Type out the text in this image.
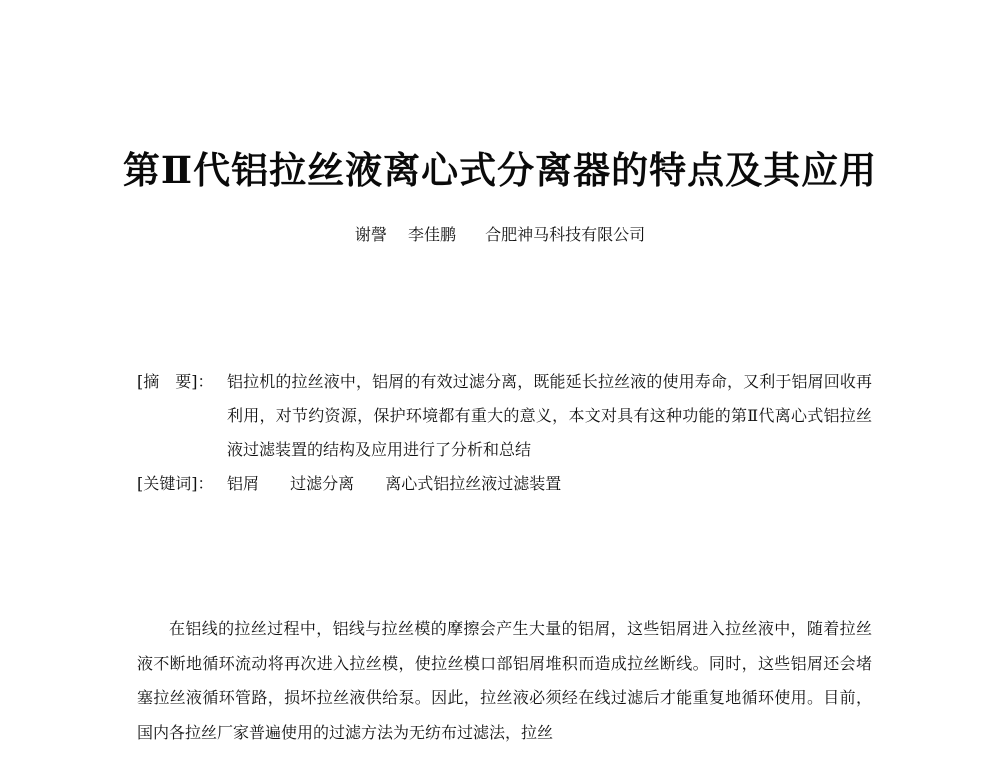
第Ⅱ代铝拉丝液离心式分离器的特点及其应用
谢謦 李佳鹏 合肥神马科技有限公司
[摘　要]： 铝拉机的拉丝液中，铝屑的有效过滤分离，既能延长拉丝液的使用寿命，又利于铝屑回收再利用，对节约资源，保护环境都有重大的意义，本文对具有这种功能的第Ⅱ代离心式铝拉丝液过滤装置的结构及应用进行了分析和总结
[关键词]： 铝屑 过滤分离 离心式铝拉丝液过滤装置
在铝线的拉丝过程中，铝线与拉丝模的摩擦会产生大量的铝屑，这些铝屑进入拉丝液中，随着拉丝液不断地循环流动将再次进入拉丝模，使拉丝模口部铝屑堆积而造成拉丝断线。同时，这些铝屑还会堵塞拉丝液循环管路，损坏拉丝液供给泵。因此，拉丝液必须经在线过滤后才能重复地循环使用。目前，国内各拉丝厂家普遍使用的过滤方法为无纺布过滤法，拉丝
